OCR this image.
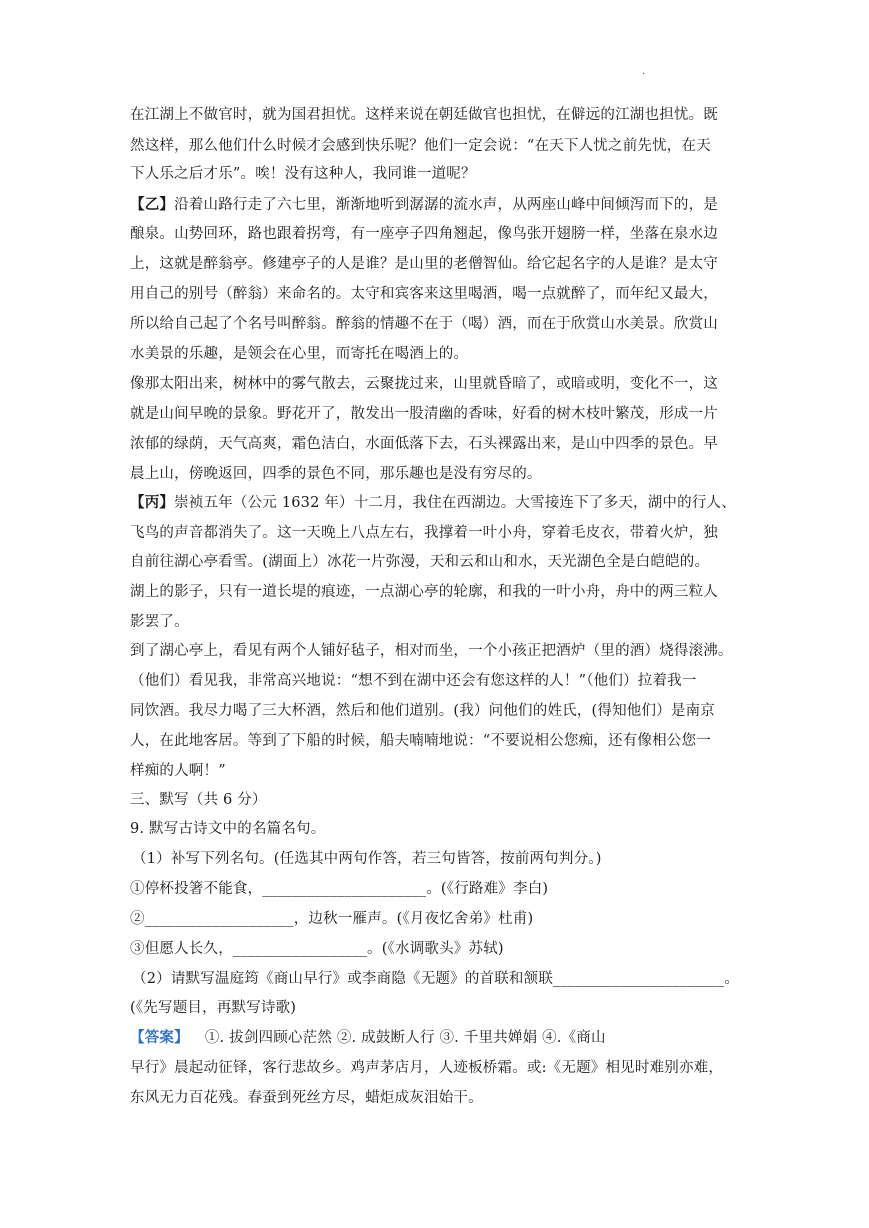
·
在江湖上不做官时，就为国君担忧。这样来说在朝廷做官也担忧，在僻远的江湖也担忧。既
然这样，那么他们什么时候才会感到快乐呢？他们一定会说：“在天下人忧之前先忧，在天
下人乐之后才乐”。唉！没有这种人，我同谁一道呢？
【乙】沿着山路行走了六七里，渐渐地听到潺潺的流水声，从两座山峰中间倾泻而下的，是
酿泉。山势回环，路也跟着拐弯，有一座亭子四角翘起，像鸟张开翅膀一样，坐落在泉水边
上，这就是醉翁亭。修建亭子的人是谁？是山里的老僧智仙。给它起名字的人是谁？是太守
用自己的别号（醉翁）来命名的。太守和宾客来这里喝酒，喝一点就醉了，而年纪又最大，
所以给自己起了个名号叫醉翁。醉翁的情趣不在于（喝）酒，而在于欣赏山水美景。欣赏山
水美景的乐趣，是领会在心里，而寄托在喝酒上的。
像那太阳出来，树林中的雾气散去，云聚拢过来，山里就昏暗了，或暗或明，变化不一，这
就是山间早晚的景象。野花开了，散发出一股清幽的香味，好看的树木枝叶繁茂，形成一片
浓郁的绿荫，天气高爽，霜色洁白，水面低落下去，石头裸露出来，是山中四季的景色。早
晨上山，傍晚返回，四季的景色不同，那乐趣也是没有穷尽的。
【丙】崇祯五年（公元 1632 年）十二月，我住在西湖边。大雪接连下了多天，湖中的行人、
飞鸟的声音都消失了。这一天晚上八点左右，我撑着一叶小舟，穿着毛皮衣，带着火炉，独
自前往湖心亭看雪。(湖面上）冰花一片弥漫，天和云和山和水，天光湖色全是白皑皑的。
湖上的影子，只有一道长堤的痕迹，一点湖心亭的轮廓，和我的一叶小舟，舟中的两三粒人
影罢了。
到了湖心亭上，看见有两个人铺好毡子，相对而坐，一个小孩正把酒炉（里的酒）烧得滚沸。
（他们）看见我，非常高兴地说：“想不到在湖中还会有您这样的人！”（他们）拉着我一
同饮酒。我尽力喝了三大杯酒，然后和他们道别。(我）问他们的姓氏，(得知他们）是南京
人，在此地客居。等到了下船的时候，船夫喃喃地说：“不要说相公您痴，还有像相公您一
样痴的人啊！”
三、默写（共 6 分）
9. 默写古诗文中的名篇名句。
（1）补写下列名句。(任选其中两句作答，若三句皆答，按前两句判分。)
①停杯投箸不能食，______________________。(《行路难》李白)
②____________________，边秋一雁声。(《月夜忆舍弟》杜甫)
③但愿人长久，__________________。(《水调歌头》苏轼)
（2）请默写温庭筠《商山早行》或李商隐《无题》的首联和颔联_______________________。
(《先写题目，再默写诗歌)
【答案】 ①. 拔剑四顾心茫然 ②. 成鼓断人行 ③. 千里共婵娟 ④.《商山
早行》晨起动征铎，客行悲故乡。鸡声茅店月，人迹板桥霜。或:《无题》相见时难别亦难，
东风无力百花残。春蚕到死丝方尽，蜡炬成灰泪始干。
